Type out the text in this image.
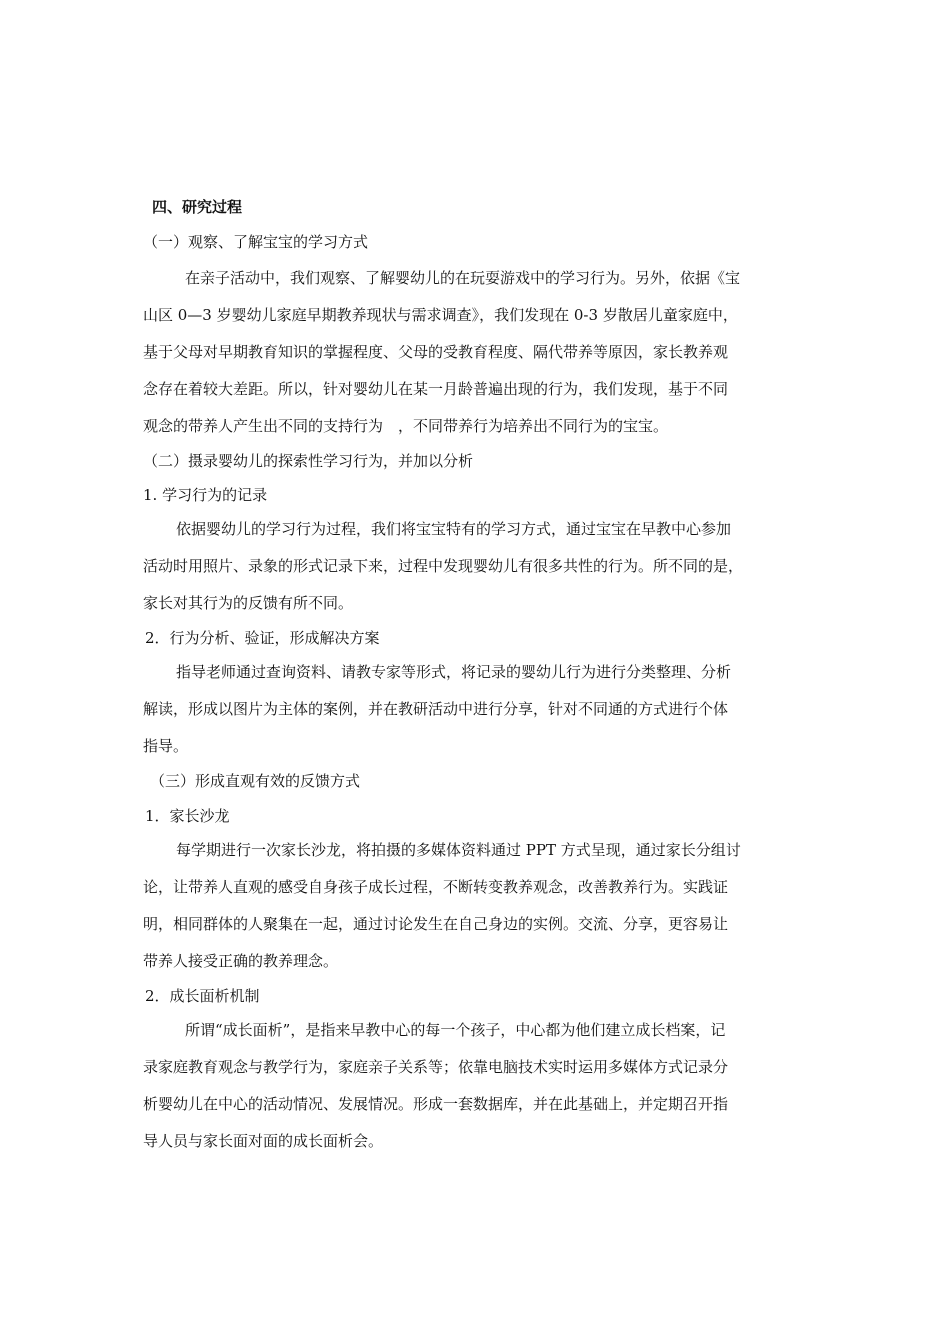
四、研究过程
（一）观察、了解宝宝的学习方式
在亲子活动中，我们观察、了解婴幼儿的在玩耍游戏中的学习行为。另外，依据《宝
山区 0—3 岁婴幼儿家庭早期教养现状与需求调查》，我们发现在 0-3 岁散居儿童家庭中，
基于父母对早期教育知识的掌握程度、父母的受教育程度、隔代带养等原因，家长教养观
念存在着较大差距。所以，针对婴幼儿在某一月龄普遍出现的行为，我们发现，基于不同
观念的带养人产生出不同的支持行为　，不同带养行为培养出不同行为的宝宝。
（二）摄录婴幼儿的探索性学习行为，并加以分析
1. 学习行为的记录
依据婴幼儿的学习行为过程，我们将宝宝特有的学习方式，通过宝宝在早教中心参加
活动时用照片、录象的形式记录下来，过程中发现婴幼儿有很多共性的行为。所不同的是，
家长对其行为的反馈有所不同。
2．行为分析、验证，形成解决方案
指导老师通过查询资料、请教专家等形式，将记录的婴幼儿行为进行分类整理、分析
解读，形成以图片为主体的案例，并在教研活动中进行分享，针对不同通的方式进行个体
指导。
（三）形成直观有效的反馈方式
1．家长沙龙
每学期进行一次家长沙龙，将拍摄的多媒体资料通过 PPT 方式呈现，通过家长分组讨
论，让带养人直观的感受自身孩子成长过程，不断转变教养观念，改善教养行为。实践证
明，相同群体的人聚集在一起，通过讨论发生在自己身边的实例。交流、分享，更容易让
带养人接受正确的教养理念。
2．成长面析机制
所谓“成长面析”，是指来早教中心的每一个孩子，中心都为他们建立成长档案，记
录家庭教育观念与教学行为，家庭亲子关系等；依靠电脑技术实时运用多媒体方式记录分
析婴幼儿在中心的活动情况、发展情况。形成一套数据库，并在此基础上，并定期召开指
导人员与家长面对面的成长面析会。
